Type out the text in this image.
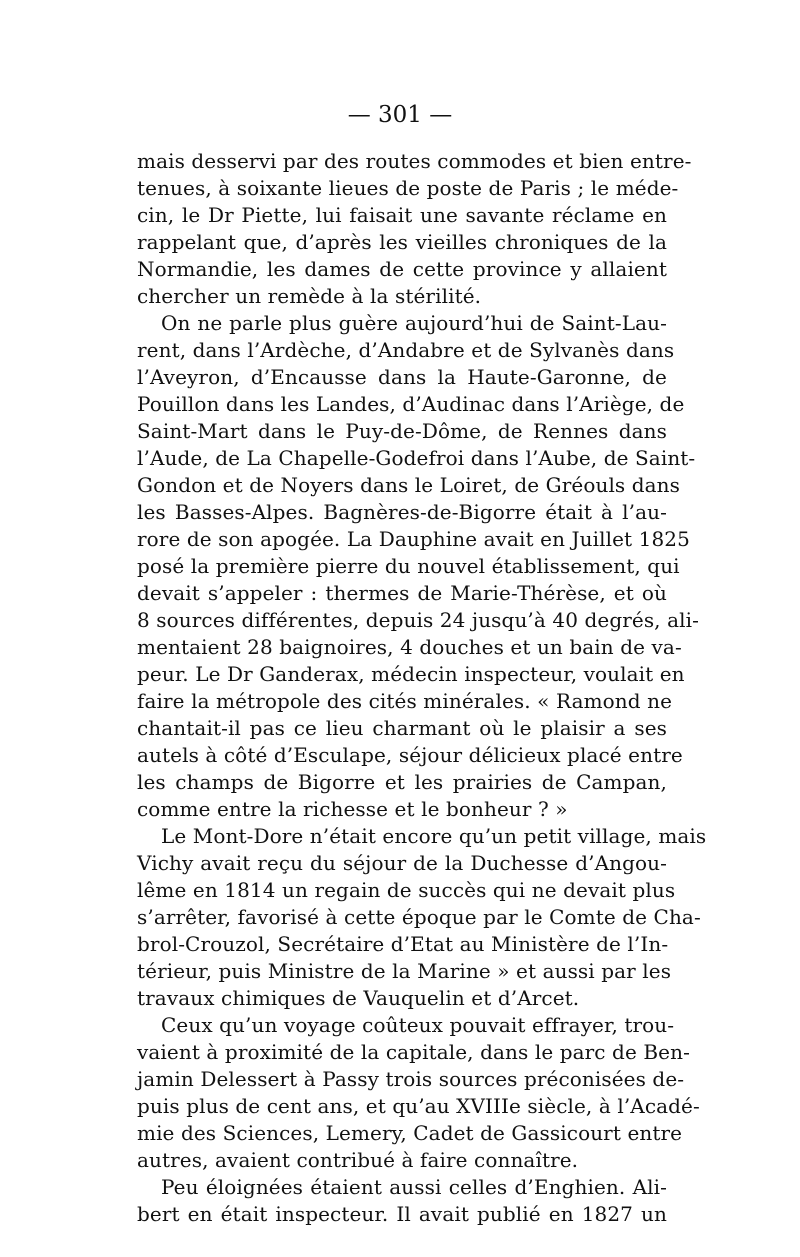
— 301 —
mais desservi par des routes commodes et bien entre-
tenues, à soixante lieues de poste de Paris ; le méde-
cin, le Dr Piette, lui faisait une savante réclame en
rappelant que, d’après les vieilles chroniques de la
Normandie, les dames de cette province y allaient
chercher un remède à la stérilité.
On ne parle plus guère aujourd’hui de Saint-Lau-
rent, dans l’Ardèche, d’Andabre et de Sylvanès dans
l’Aveyron, d’Encausse dans la Haute-Garonne, de
Pouillon dans les Landes, d’Audinac dans l’Ariège, de
Saint-Mart dans le Puy-de-Dôme, de Rennes dans
l’Aude, de La Chapelle-Godefroi dans l’Aube, de Saint-
Gondon et de Noyers dans le Loiret, de Gréouls dans
les Basses-Alpes. Bagnères-de-Bigorre était à l’au-
rore de son apogée. La Dauphine avait en Juillet 1825
posé la première pierre du nouvel établissement, qui
devait s’appeler : thermes de Marie-Thérèse, et où
8 sources différentes, depuis 24 jusqu’à 40 degrés, ali-
mentaient 28 baignoires, 4 douches et un bain de va-
peur. Le Dr Ganderax, médecin inspecteur, voulait en
faire la métropole des cités minérales. « Ramond ne
chantait-il pas ce lieu charmant où le plaisir a ses
autels à côté d’Esculape, séjour délicieux placé entre
les champs de Bigorre et les prairies de Campan,
comme entre la richesse et le bonheur ? »
Le Mont-Dore n’était encore qu’un petit village, mais
Vichy avait reçu du séjour de la Duchesse d’Angou-
lême en 1814 un regain de succès qui ne devait plus
s’arrêter, favorisé à cette époque par le Comte de Cha-
brol-Crouzol, Secrétaire d’Etat au Ministère de l’In-
térieur, puis Ministre de la Marine » et aussi par les
travaux chimiques de Vauquelin et d’Arcet.
Ceux qu’un voyage coûteux pouvait effrayer, trou-
vaient à proximité de la capitale, dans le parc de Ben-
jamin Delessert à Passy trois sources préconisées de-
puis plus de cent ans, et qu’au XVIIIe siècle, à l’Acadé-
mie des Sciences, Lemery, Cadet de Gassicourt entre
autres, avaient contribué à faire connaître.
Peu éloignées étaient aussi celles d’Enghien. Ali-
bert en était inspecteur. Il avait publié en 1827 un
